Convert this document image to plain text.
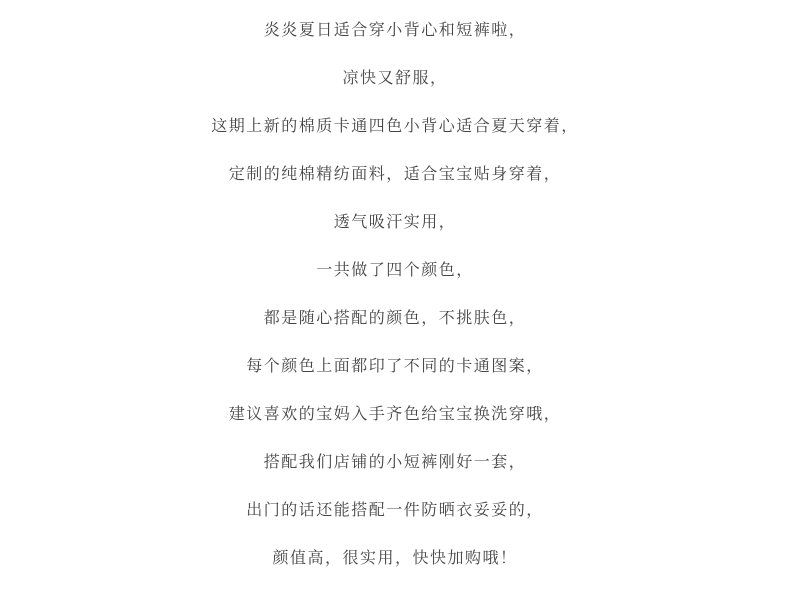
炎炎夏日适合穿小背心和短裤啦，
凉快又舒服，
这期上新的棉质卡通四色小背心适合夏天穿着，
定制的纯棉精纺面料，适合宝宝贴身穿着，
透气吸汗实用，
一共做了四个颜色，
都是随心搭配的颜色，不挑肤色，
每个颜色上面都印了不同的卡通图案，
建议喜欢的宝妈入手齐色给宝宝换洗穿哦，
搭配我们店铺的小短裤刚好一套，
出门的话还能搭配一件防晒衣妥妥的，
颜值高，很实用，快快加购哦！
